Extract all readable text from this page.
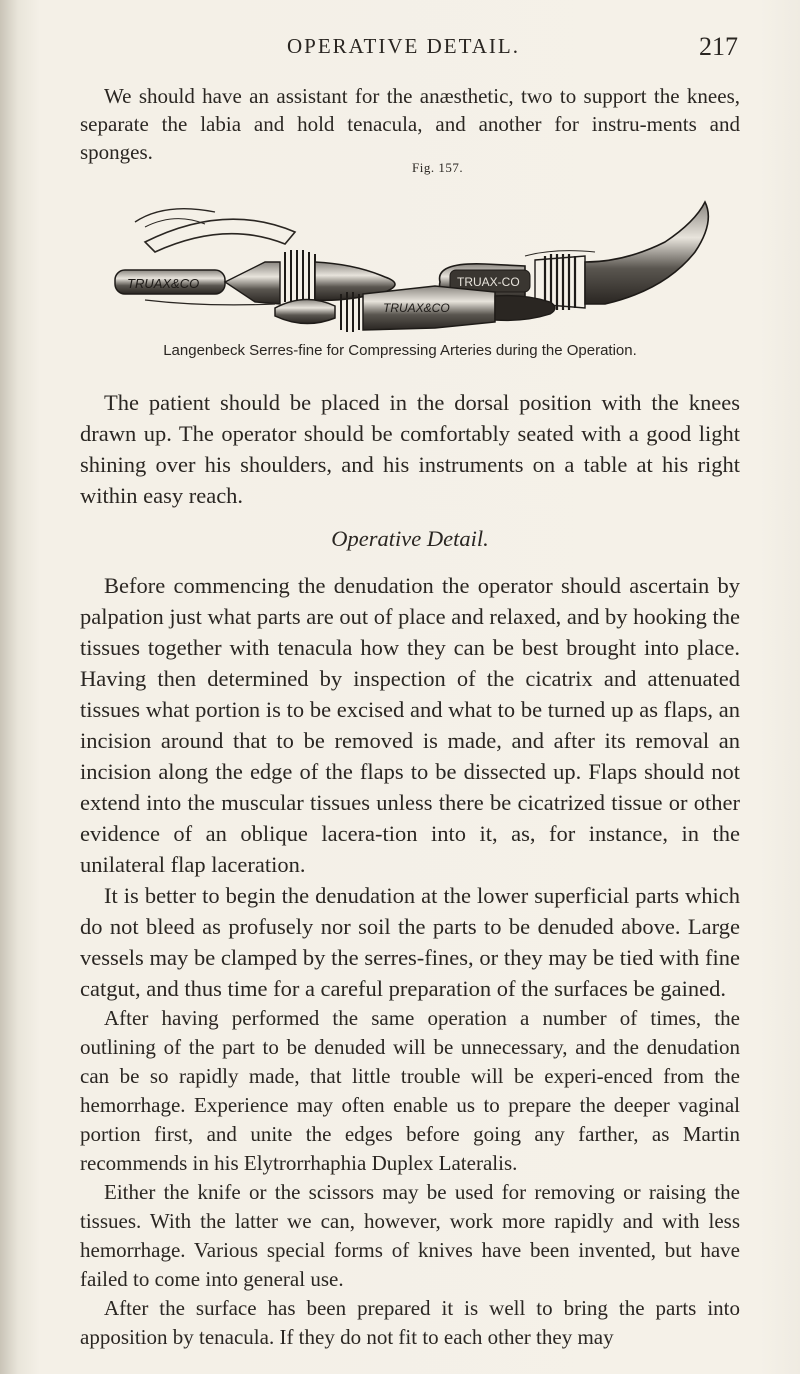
OPERATIVE DETAIL.	217
We should have an assistant for the anæsthetic, two to support the knees, separate the labia and hold tenacula, and another for instru-ments and sponges.
Fig. 157.
TRUAX&CO	TRUAX-CO
TRUAX&CO
Langenbeck Serres-fine for Compressing Arteries during the Operation.

The patient should be placed in the dorsal position with the knees drawn up. The operator should be comfortably seated with a good light shining over his shoulders, and his instruments on a table at his right within easy reach.

Operative Detail.

Before commencing the denudation the operator should ascertain by palpation just what parts are out of place and relaxed, and by hooking the tissues together with tenacula how they can be best brought into place. Having then determined by inspection of the cicatrix and attenuated tissues what portion is to be excised and what to be turned up as flaps, an incision around that to be removed is made, and after its removal an incision along the edge of the flaps to be dissected up. Flaps should not extend into the muscular tissues unless there be cicatrized tissue or other evidence of an oblique lacera-tion into it, as, for instance, in the unilateral flap laceration.

It is better to begin the denudation at the lower superficial parts which do not bleed as profusely nor soil the parts to be denuded above. Large vessels may be clamped by the serres-fines, or they may be tied with fine catgut, and thus time for a careful preparation of the surfaces be gained.

After having performed the same operation a number of times, the outlining of the part to be denuded will be unnecessary, and the denudation can be so rapidly made, that little trouble will be experi-enced from the hemorrhage. Experience may often enable us to prepare the deeper vaginal portion first, and unite the edges before going any farther, as Martin recommends in his Elytrorrhaphia Duplex Lateralis.

Either the knife or the scissors may be used for removing or raising the tissues. With the latter we can, however, work more rapidly and with less hemorrhage. Various special forms of knives have been invented, but have failed to come into general use.

After the surface has been prepared it is well to bring the parts into apposition by tenacula. If they do not fit to each other they may
